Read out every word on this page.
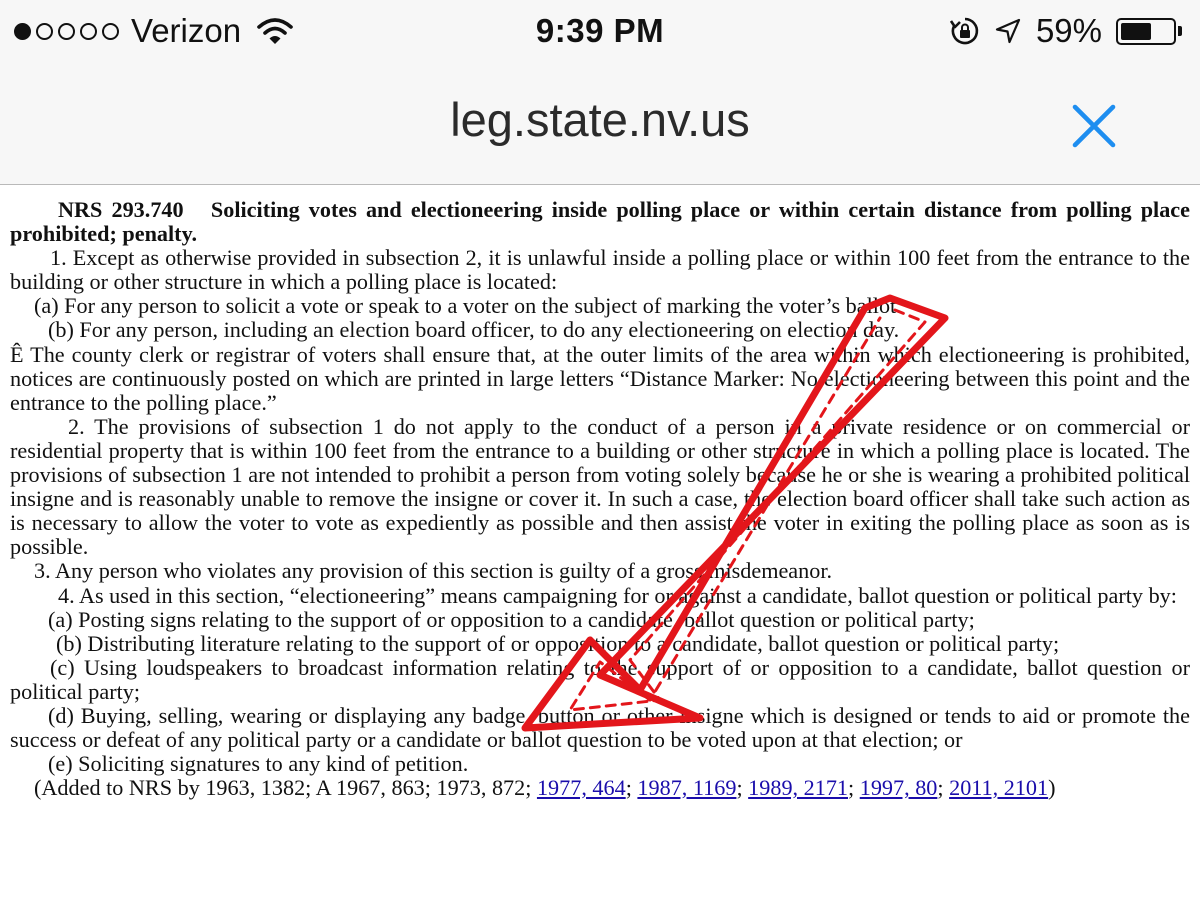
Verizon	9:39 PM	59%
leg.state.nv.us

NRS 293.740 Soliciting votes and electioneering inside polling place or within certain distance from polling place prohibited; penalty.

1. Except as otherwise provided in subsection 2, it is unlawful inside a polling place or within 100 feet from the entrance to the building or other structure in which a polling place is located:

(a) For any person to solicit a vote or speak to a voter on the subject of marking the voter’s ballot.

(b) For any person, including an election board officer, to do any electioneering on election day.

Ê The county clerk or registrar of voters shall ensure that, at the outer limits of the area within which electioneering is prohibited, notices are continuously posted on which are printed in large letters “Distance Marker: No electioneering between this point and the entrance to the polling place.”

2. The provisions of subsection 1 do not apply to the conduct of a person in a private residence or on commercial or residential property that is within 100 feet from the entrance to a building or other structure in which a polling place is located. The provisions of subsection 1 are not intended to prohibit a person from voting solely because he or she is wearing a prohibited political insigne and is reasonably unable to remove the insigne or cover it. In such a case, the election board officer shall take such action as is necessary to allow the voter to vote as expediently as possible and then assist the voter in exiting the polling place as soon as is possible.

3. Any person who violates any provision of this section is guilty of a gross misdemeanor.

4. As used in this section, “electioneering” means campaigning for or against a candidate, ballot question or political party by:

(a) Posting signs relating to the support of or opposition to a candidate, ballot question or political party;

(b) Distributing literature relating to the support of or opposition to a candidate, ballot question or political party;

(c) Using loudspeakers to broadcast information relating to the support of or opposition to a candidate, ballot question or political party;

(d) Buying, selling, wearing or displaying any badge, button or other insigne which is designed or tends to aid or promote the success or defeat of any political party or a candidate or ballot question to be voted upon at that election; or

(e) Soliciting signatures to any kind of petition.

(Added to NRS by 1963, 1382; A 1967, 863; 1973, 872; 1977, 464; 1987, 1169; 1989, 2171; 1997, 80; 2011, 2101)
